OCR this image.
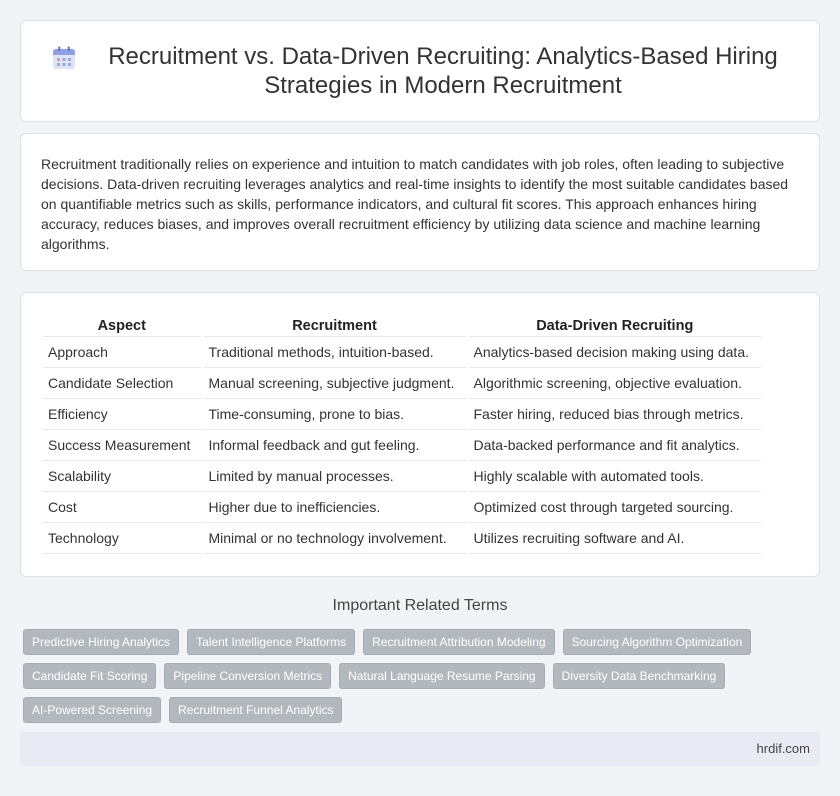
Recruitment vs. Data-Driven Recruiting: Analytics-Based Hiring Strategies in Modern Recruitment

Recruitment traditionally relies on experience and intuition to match candidates with job roles, often leading to subjective decisions. Data-driven recruiting leverages analytics and real-time insights to identify the most suitable candidates based on quantifiable metrics such as skills, performance indicators, and cultural fit scores. This approach enhances hiring accuracy, reduces biases, and improves overall recruitment efficiency by utilizing data science and machine learning algorithms.

Aspect	Recruitment	Data-Driven Recruiting
Approach	Traditional methods, intuition-based.	Analytics-based decision making using data.
Candidate Selection	Manual screening, subjective judgment.	Algorithmic screening, objective evaluation.
Efficiency	Time-consuming, prone to bias.	Faster hiring, reduced bias through metrics.
Success Measurement	Informal feedback and gut feeling.	Data-backed performance and fit analytics.
Scalability	Limited by manual processes.	Highly scalable with automated tools.
Cost	Higher due to inefficiencies.	Optimized cost through targeted sourcing.
Technology	Minimal or no technology involvement.	Utilizes recruiting software and AI.
Important Related Terms
Predictive Hiring Analytics	Talent Intelligence Platforms	Recruitment Attribution Modeling	Sourcing Algorithm Optimization
Candidate Fit Scoring	Pipeline Conversion Metrics	Natural Language Resume Parsing	Diversity Data Benchmarking
AI-Powered Screening	Recruitment Funnel Analytics
hrdif.com
